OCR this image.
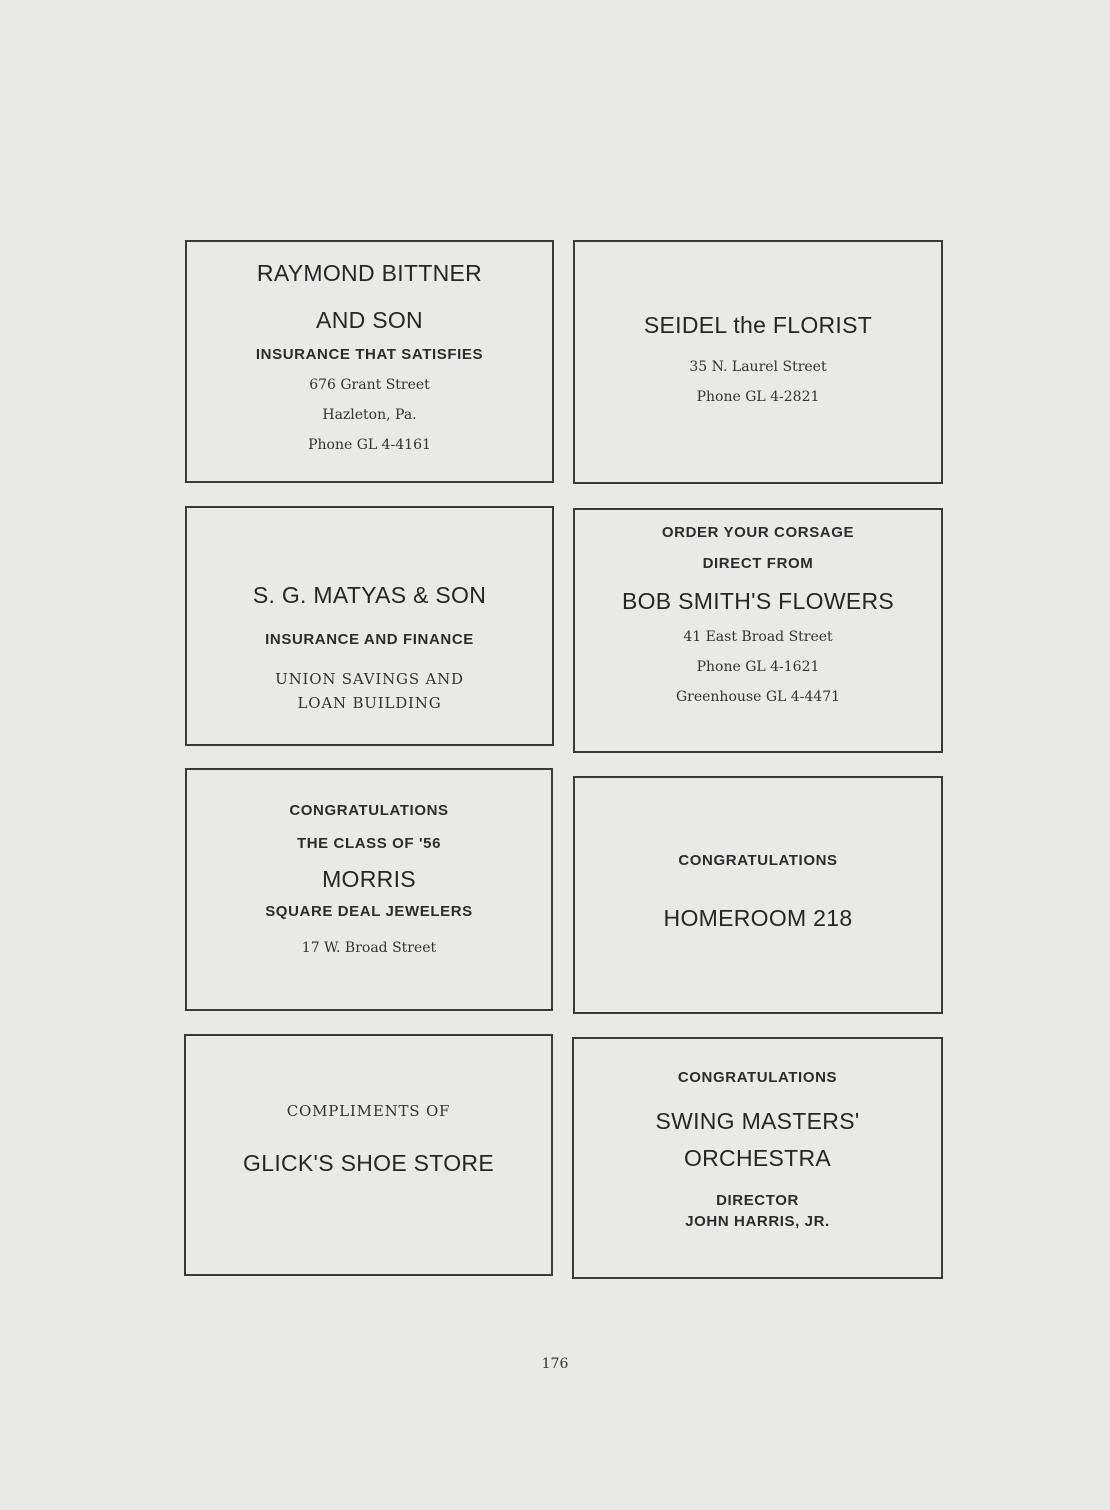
RAYMOND BITTNER
AND SON
INSURANCE THAT SATISFIES
676 Grant Street
Hazleton, Pa.
Phone GL 4-4161
SEIDEL the FLORIST
35 N. Laurel Street
Phone GL 4-2821
S. G. MATYAS & SON
INSURANCE AND FINANCE
UNION SAVINGS AND
LOAN BUILDING
ORDER YOUR CORSAGE
DIRECT FROM
BOB SMITH'S FLOWERS
41 East Broad Street
Phone GL 4-1621
Greenhouse GL 4-4471
CONGRATULATIONS
THE CLASS OF '56
MORRIS
SQUARE DEAL JEWELERS
17 W. Broad Street
CONGRATULATIONS
HOMEROOM 218
COMPLIMENTS OF
GLICK'S SHOE STORE
CONGRATULATIONS
SWING MASTERS'
ORCHESTRA
DIRECTOR
JOHN HARRIS, JR.
176
